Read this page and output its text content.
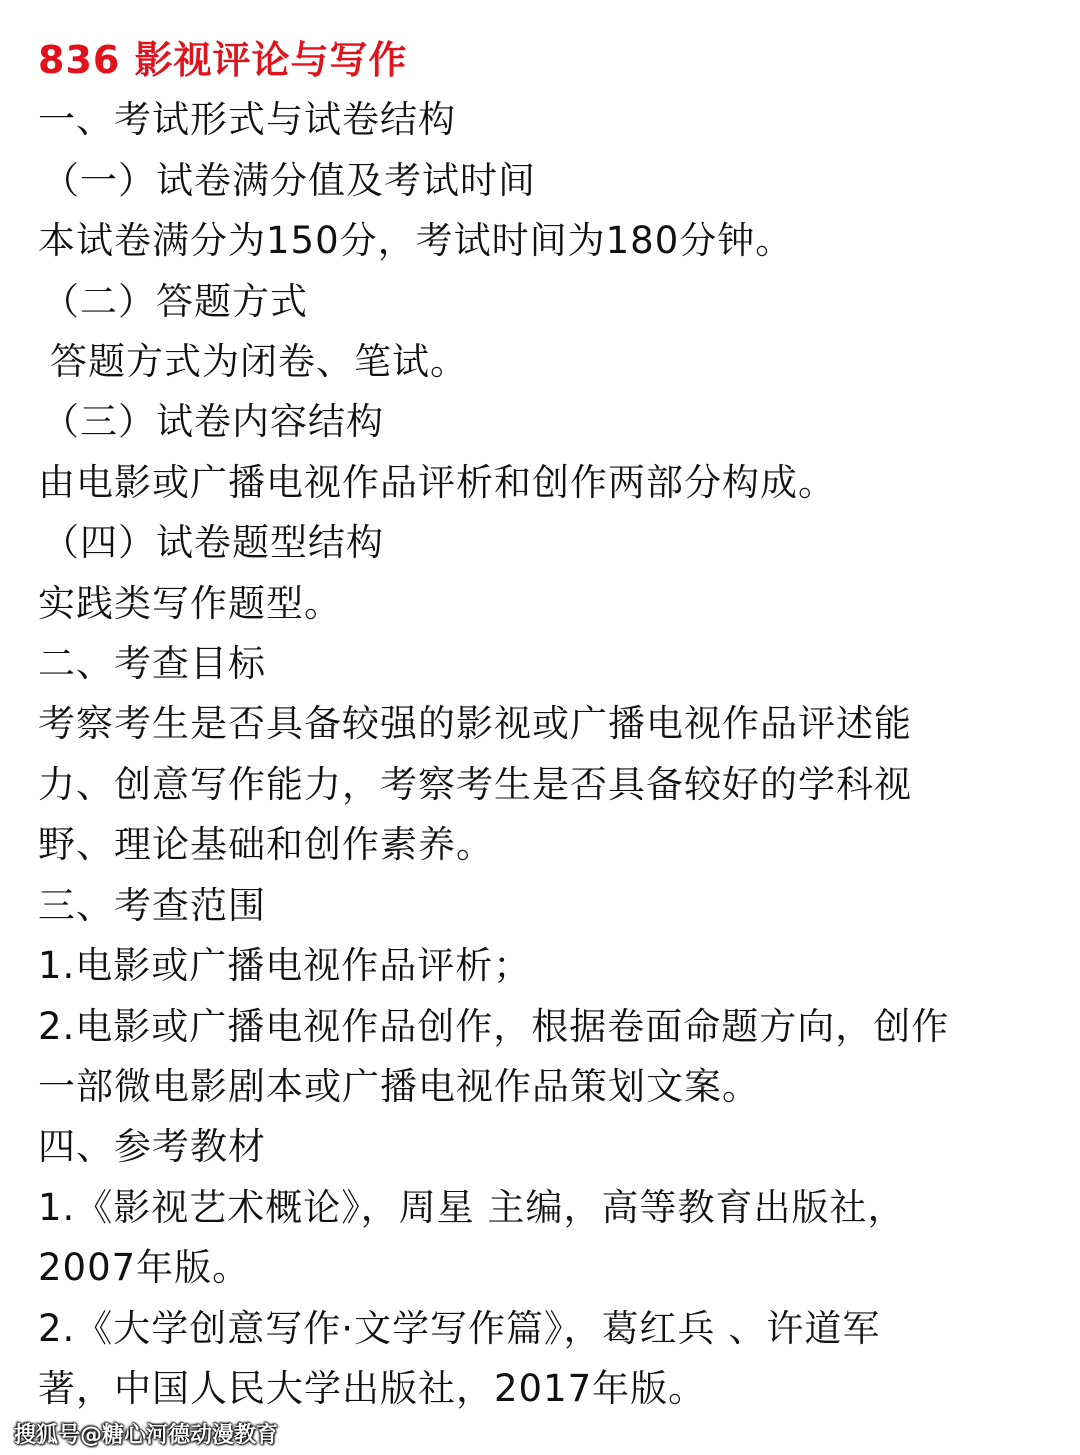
836 影视评论与写作
一、考试形式与试卷结构
（一）试卷满分值及考试时间
本试卷满分为150分，考试时间为180分钟。
（二）答题方式
答题方式为闭卷、笔试。
（三）试卷内容结构
由电影或广播电视作品评析和创作两部分构成。
（四）试卷题型结构
实践类写作题型。
二、考查目标
考察考生是否具备较强的影视或广播电视作品评述能
力、创意写作能力，考察考生是否具备较好的学科视
野、理论基础和创作素养。
三、考查范围
1.电影或广播电视作品评析；
2.电影或广播电视作品创作，根据卷面命题方向，创作
一部微电影剧本或广播电视作品策划文案。
四、参考教材
1.《影视艺术概论》，周星 主编，高等教育出版社，
2007年版。
2.《大学创意写作·文学写作篇》，葛红兵 、许道军
著，中国人民大学出版社，2017年版。
搜狐号@糖心河德动漫教育
